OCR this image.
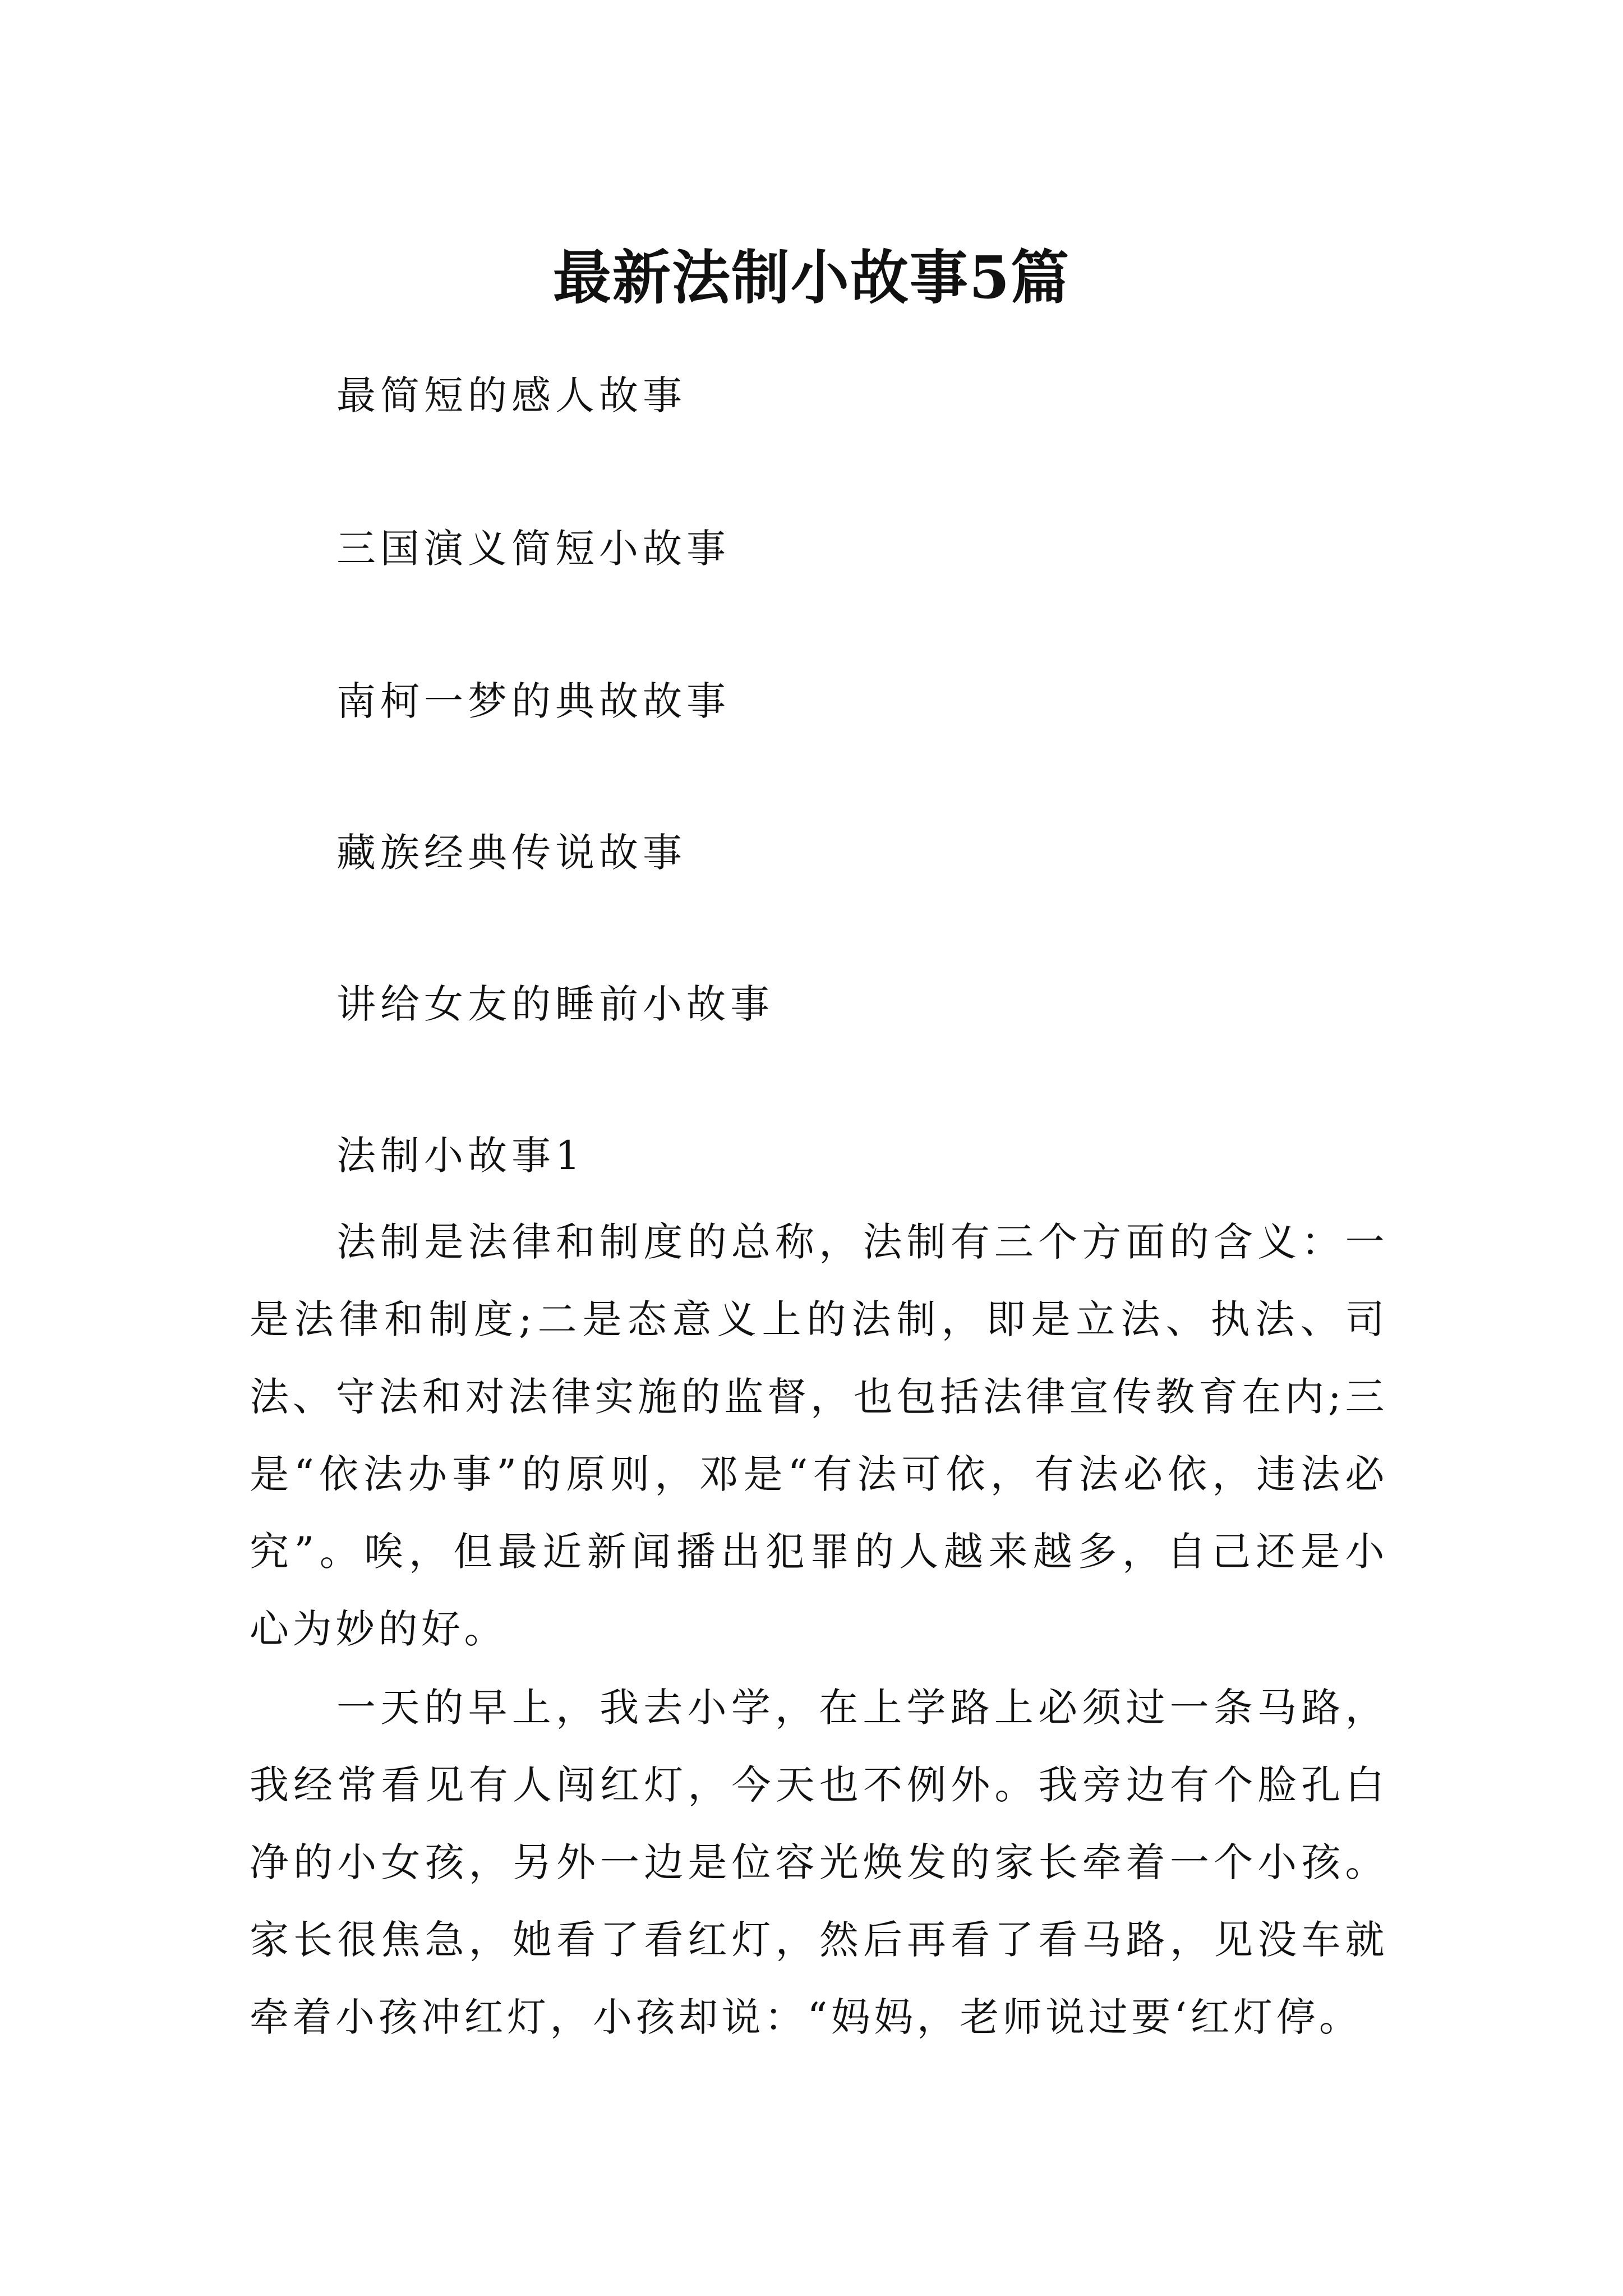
最新法制小故事5篇
最简短的感人故事
三国演义简短小故事
南柯一梦的典故故事
藏族经典传说故事
讲给女友的睡前小故事
法制小故事1

法制是法律和制度的总称，法制有三个方面的含义：一是法律和制度;二是态意义上的法制，即是立法、执法、司法、守法和对法律实施的监督，也包括法律宣传教育在内;三是“依法办事”的原则，邓是“有法可依，有法必依，违法必究”。唉，但最近新闻播出犯罪的人越来越多，自己还是小心为妙的好。

一天的早上，我去小学，在上学路上必须过一条马路，我经常看见有人闯红灯，今天也不例外。我旁边有个脸孔白净的小女孩，另外一边是位容光焕发的家长牵着一个小孩。家长很焦急，她看了看红灯，然后再看了看马路，见没车就牵着小孩冲红灯，小孩却说：“妈妈，老师说过要‘红灯停。
